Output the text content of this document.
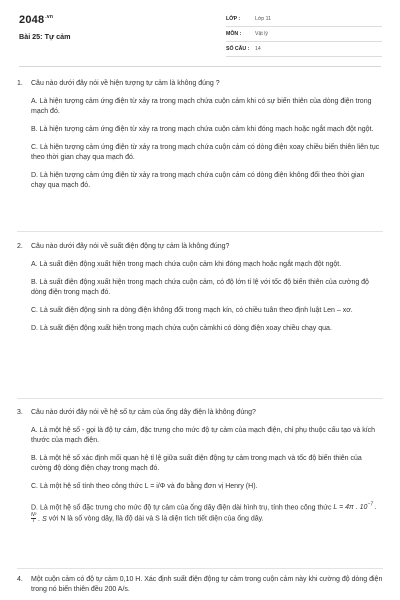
$2048^{.vn}$
Bài 25: Tự cảm
LỚP :	Lớp 11
MÔN :	Vật lý
SỐ CÂU : 14
1. Câu nào dưới đây nói về hiện tượng tự cảm là không đúng ?
A. Là hiện tượng cảm ứng điện từ xảy ra trong mạch chứa cuộn cảm khi có sự biến thiên của dòng điện trong mạch đó.
B. Là hiện tượng cảm ứng điện từ xảy ra trong mạch chứa cuộn cảm khi đóng mạch hoặc ngắt mạch đột ngột.
C. Là hiện tượng cảm ứng điện từ xảy ra trong mạch chứa cuộn cảm có dòng điện xoay chiều biến thiên liên tục theo thời gian chạy qua mạch đó.
D. Là hiện tượng cảm ứng điện từ xảy ra trong mạch chứa cuộn cảm có dòng điện không đổi theo thời gian chạy qua mạch đó.
2. Câu nào dưới đây nói về suất điện động tự cảm là không đúng?
A. Là suất điện động xuất hiện trong mạch chứa cuộn cảm khi đóng mạch hoặc ngắt mạch đột ngột.
B. Là suất điện động xuất hiện trong mạch chứa cuộn cảm, có độ lớn tỉ lệ với tốc độ biến thiên của cường độ dòng điện trong mạch đó.
C. Là suất điện động sinh ra dòng điện không đổi trong mạch kín, có chiều tuân theo định luật Len – xơ.
D. Là suất điện động xuất hiện trong mạch chứa cuộn cảmkhi có dòng điện xoay chiều chạy qua.
3. Câu nào dưới đây nói về hệ số tự cảm của ống dây điện là không đúng?
A. Là một hệ số - gọi là độ tự cảm, đặc trưng cho mức độ tự cảm của mạch điện, chỉ phụ thuộc cấu tạo và kích thước của mạch điện.
B. Là một hệ số xác định mối quan hệ tỉ lệ giữa suất điện động tự cảm trong mạch và tốc độ biến thiên của cường độ dòng điện chạy trong mạch đó.
C. Là một hệ số tính theo công thức L = i/Φ và đo bằng đơn vị Henry (H).
D. Là một hệ số đặc trưng cho mức độ tự cảm của ống dây điện dài hình trụ, tính theo công thức L = 4π . $10^{-7}$ .
$\frac{\text{N²}}{l}$ . S với N là số vòng dây, llà độ dài và S là diện tích tiết diện của ống dây.
4. Một cuộn cảm có độ tự cảm 0,10 H. Xác định suất điện động tự cảm trong cuộn cảm này khi cường độ dòng điện trong nó biến thiên đều 200 A/s.
